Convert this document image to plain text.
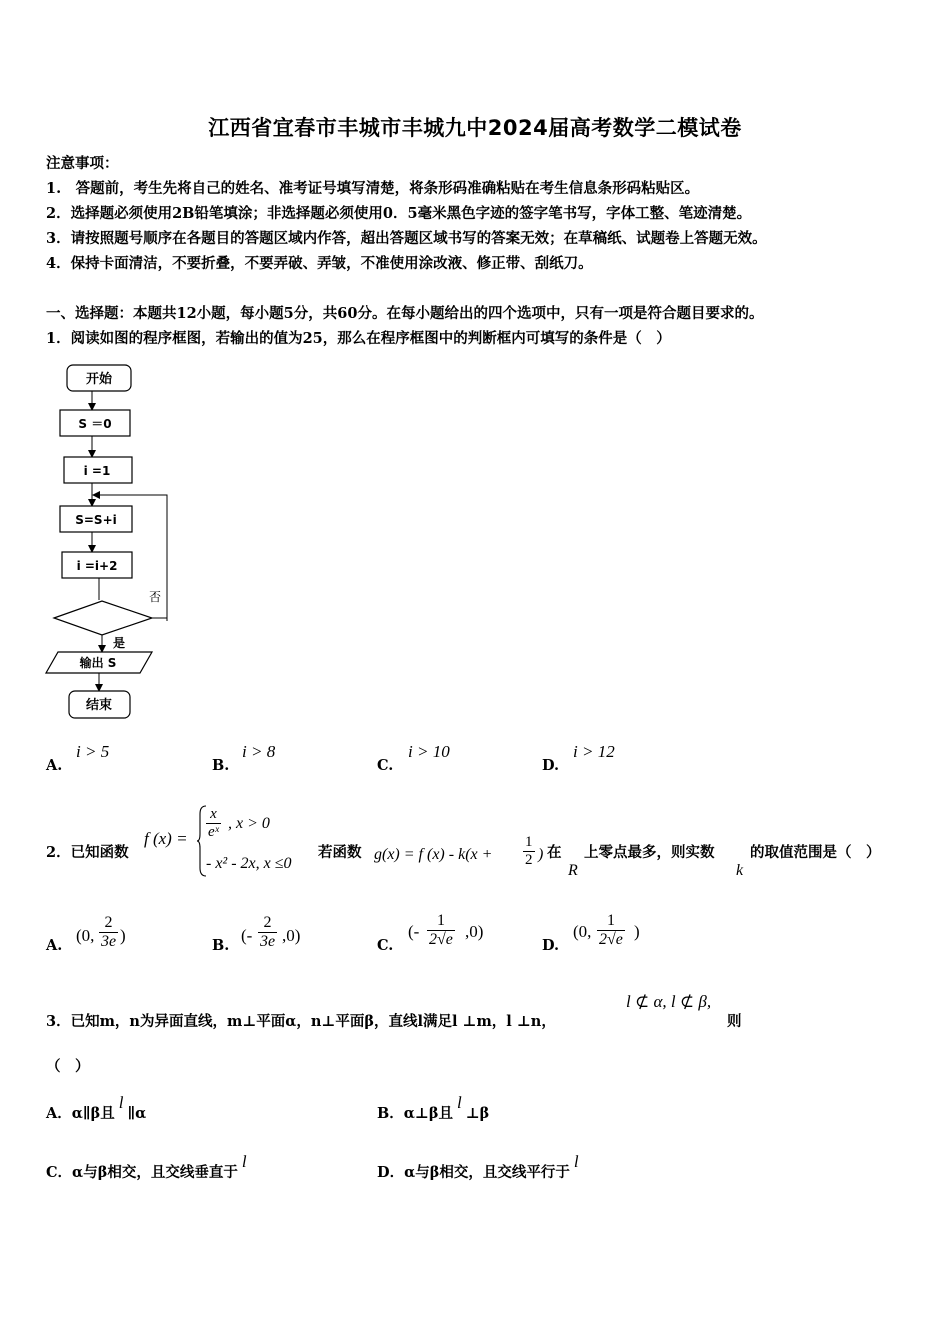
江西省宜春市丰城市丰城九中2024届高考数学二模试卷
注意事项：
1.　答题前，考生先将自己的姓名、准考证号填写清楚，将条形码准确粘贴在考生信息条形码粘贴区。
2．选择题必须使用2B铅笔填涂；非选择题必须使用0．5毫米黑色字迹的签字笔书写，字体工整、笔迹清楚。
3．请按照题号顺序在各题目的答题区域内作答，超出答题区域书写的答案无效；在草稿纸、试题卷上答题无效。
4．保持卡面清洁，不要折叠，不要弄破、弄皱，不准使用涂改液、修正带、刮纸刀。
一、选择题：本题共12小题，每小题5分，共60分。在每小题给出的四个选项中，只有一项是符合题目要求的。
1．阅读如图的程序框图，若输出的值为25，那么在程序框图中的判断框内可填写的条件是（　）
开始
S ＝0
i =1
S=S+i
i =i+2
否
是
输出 S
结束
A.
i > 5
B.
i > 8
C.
i > 10
D.
i > 12
2．已知函数
f $(x) = \frac{x}{\text{eˣ}}$ , x > 0
- x² - 2x, x ≤0
若函数 g(x) = f $(x) - k(x + \frac{1}{2}$ ) 在
R
上零点最多，则实数
k
的取值范围是（　）
A.
(0, $\frac{2}{3e}$ )
B.
(- $\frac{2}{3e} ,0$)
C.
(- $\frac{1}{2√e} ,0$)
D.
(0, $\frac{1}{2√e}$ )
3．已知m，n为异面直线，m⊥平面α，n⊥平面β，直线l满足l ⊥m，l ⊥n，
l ⊄ α, l ⊄ β,
则
（　）
A．α∥β且l∥α	B．α⊥β且l⊥β
C．α与β相交，且交线垂直于l
D．α与β相交，且交线平行于l
